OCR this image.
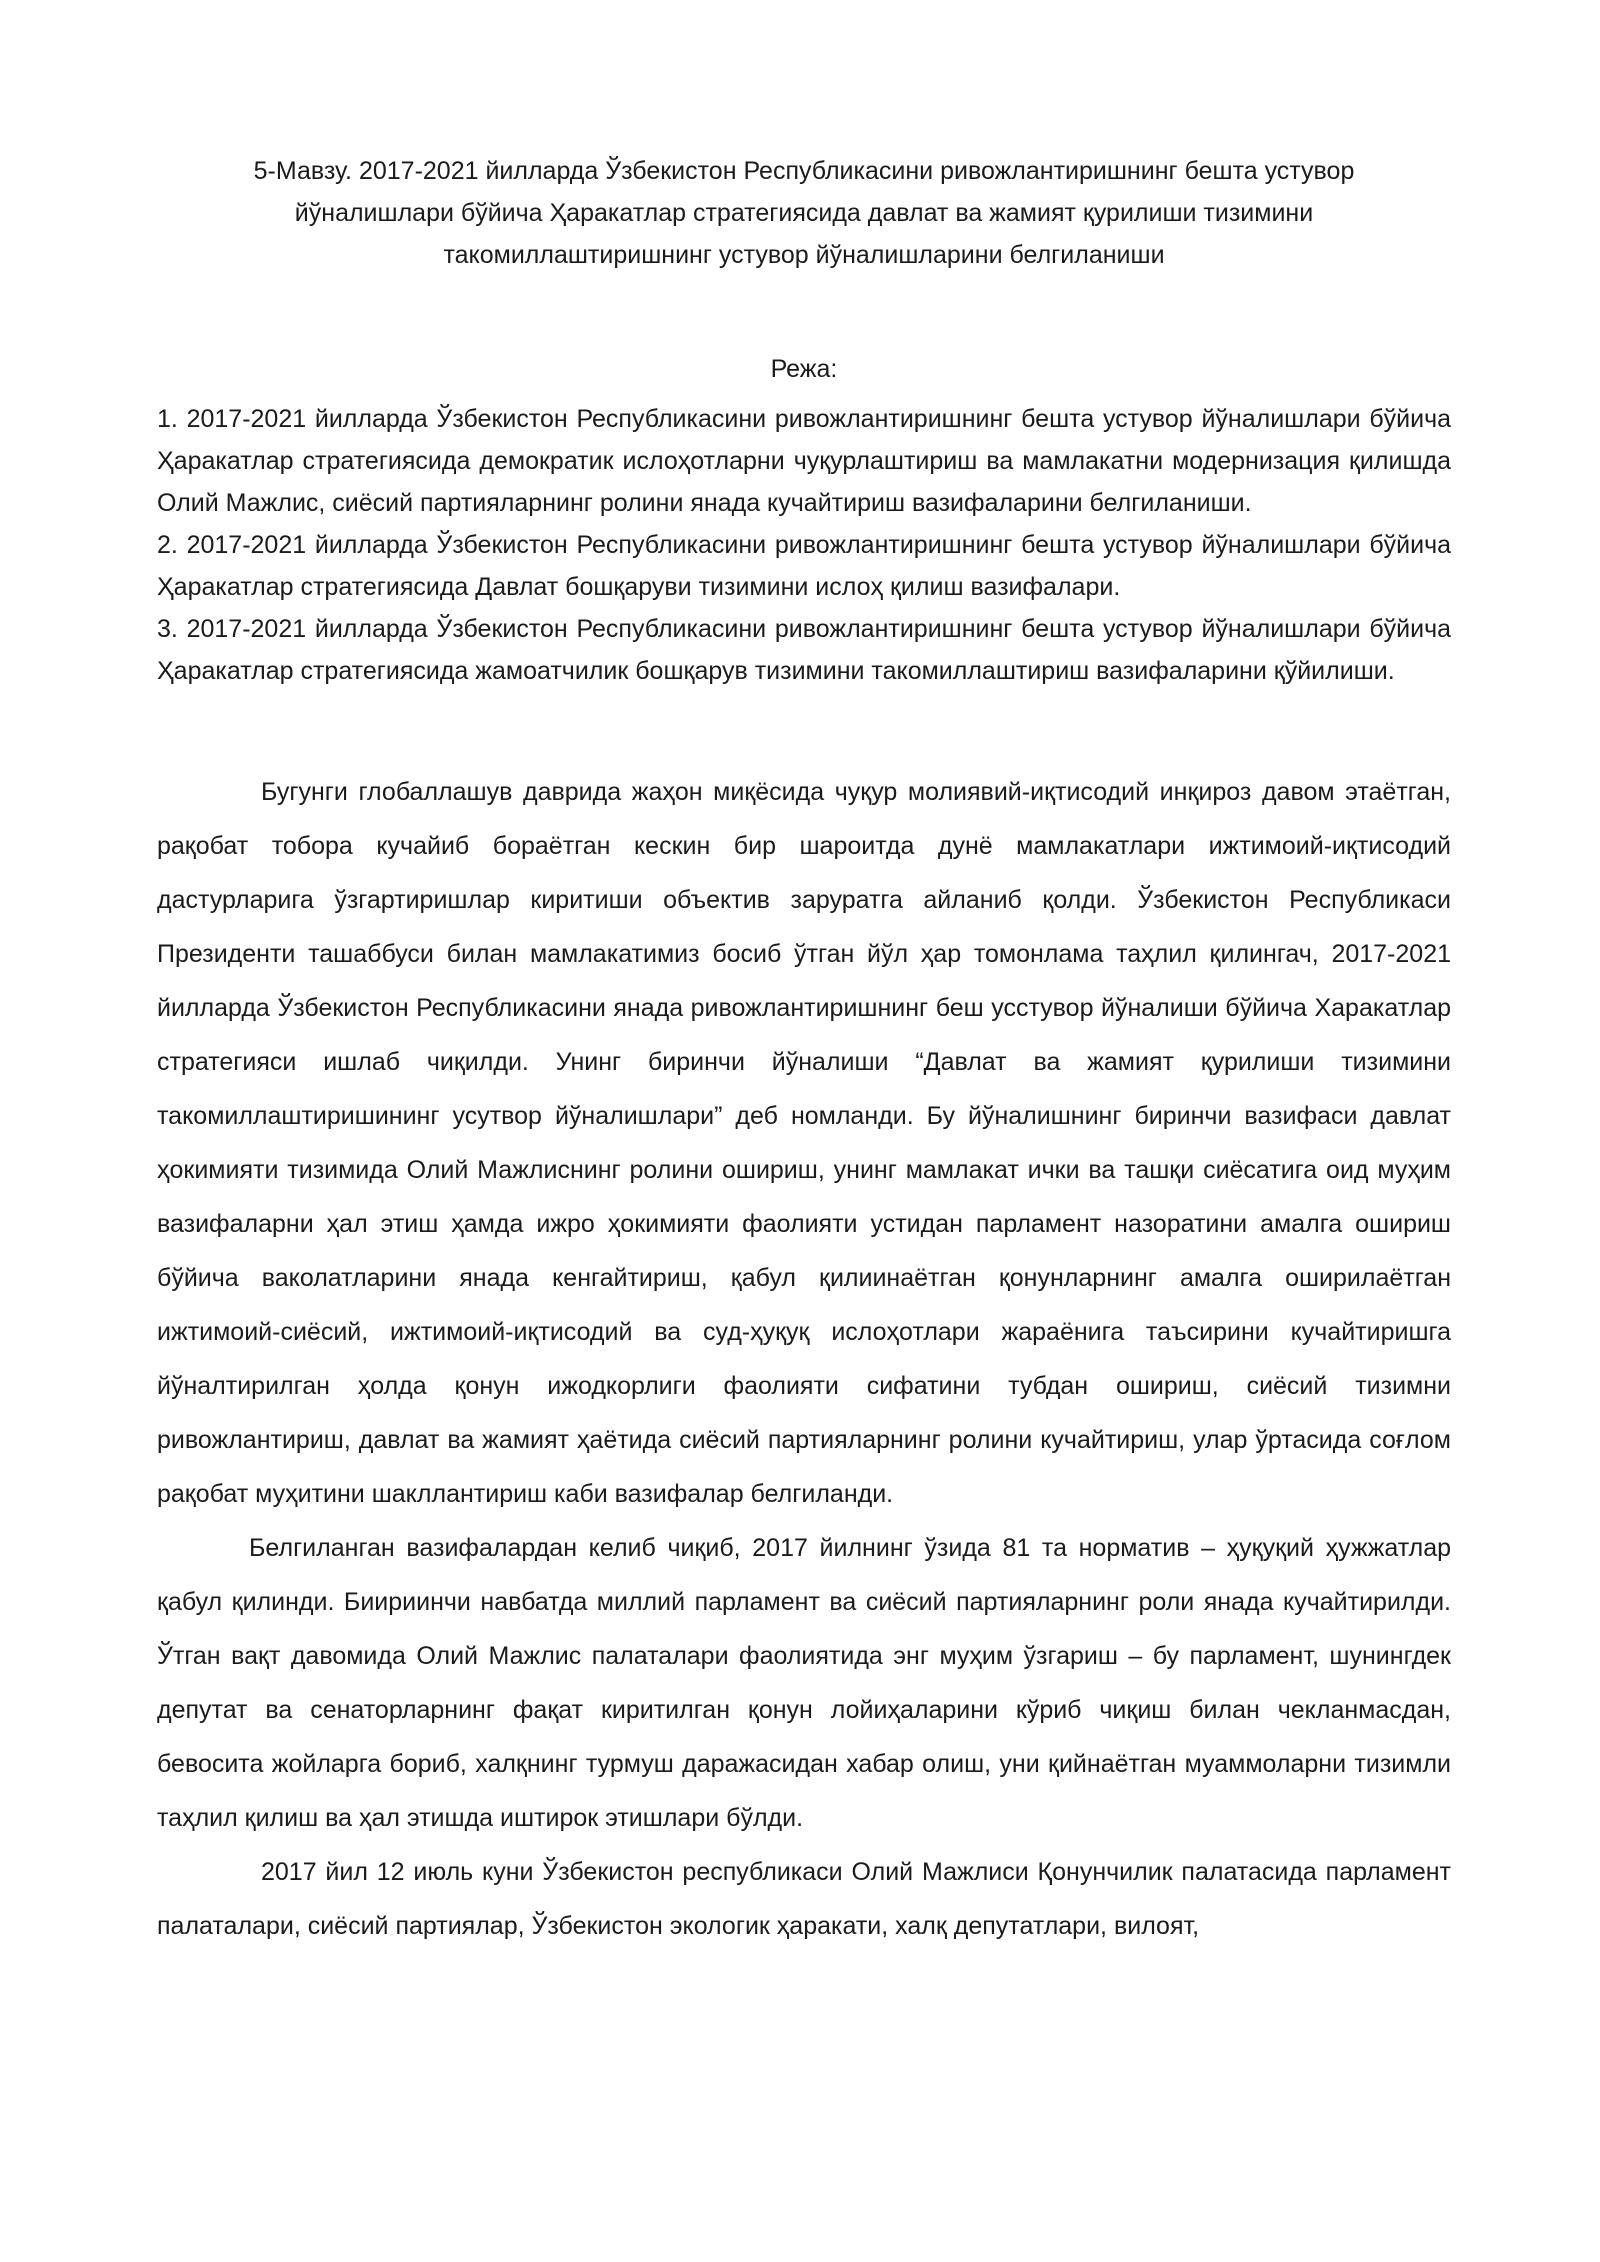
5-Мавзу. 2017-2021 йилларда Ўзбекистон Республикасини ривожлантиришнинг бешта устувор йўналишлари бўйича Ҳаракатлар стратегиясида давлат ва жамият қурилиши тизимини такомиллаштиришнинг устувор йўналишларини белгиланиши
Режа:
1. 2017-2021 йилларда Ўзбекистон Республикасини ривожлантиришнинг бешта устувор йўналишлари бўйича Ҳаракатлар стратегиясида демократик ислоҳотларни чуқурлаштириш ва мамлакатни модернизация қилишда Олий Мажлис, сиёсий партияларнинг ролини янада кучайтириш вазифаларини белгиланиши.
2. 2017-2021 йилларда Ўзбекистон Республикасини ривожлантиришнинг бешта устувор йўналишлари бўйича Ҳаракатлар стратегиясида Давлат бошқаруви тизимини ислоҳ қилиш вазифалари.
3. 2017-2021 йилларда Ўзбекистон Республикасини ривожлантиришнинг бешта устувор йўналишлари бўйича Ҳаракатлар стратегиясида жамоатчилик бошқарув тизимини такомиллаштириш вазифаларини қўйилиши.

Бугунги глобаллашув даврида жаҳон миқёсида чуқур молиявий-иқтисодий инқироз давом этаётган, рақобат тобора кучайиб бораётган кескин бир шароитда дунё мамлакатлари ижтимоий-иқтисодий дастурларига ўзгартиришлар киритиши объектив заруратга айланиб қолди. Ўзбекистон Республикаси Президенти ташаббуси билан мамлакатимиз босиб ўтган йўл ҳар томонлама таҳлил қилингач, 2017-2021 йилларда Ўзбекистон Республикасини янада ривожлантиришнинг беш усстувор йўналиши бўйича Харакатлар стратегияси ишлаб чиқилди. Унинг биринчи йўналиши “Давлат ва жамият қурилиши тизимини такомиллаштиришининг усутвор йўналишлари” деб номланди. Бу йўналишнинг биринчи вазифаси давлат ҳокимияти тизимида Олий Мажлиснинг ролини ошириш, унинг мамлакат ички ва ташқи сиёсатига оид муҳим вазифаларни ҳал этиш ҳамда ижро ҳокимияти фаолияти устидан парламент назоратини амалга ошириш бўйича ваколатларини янада кенгайтириш, қабул қилиинаётган қонунларнинг амалга оширилаётган ижтимоий-сиёсий, ижтимоий-иқтисодий ва суд-ҳуқуқ ислоҳотлари жараёнига таъсирини кучайтиришга йўналтирилган ҳолда қонун ижодкорлиги фаолияти сифатини тубдан ошириш, сиёсий тизимни ривожлантириш, давлат ва жамият ҳаётида сиёсий партияларнинг ролини кучайтириш, улар ўртасида соғлом рақобат муҳитини шакллантириш каби вазифалар белгиланди.

Белгиланган вазифалардан келиб чиқиб, 2017 йилнинг ўзида 81 та норматив – ҳуқуқий ҳужжатлар қабул қилинди. Биириинчи навбатда миллий парламент ва сиёсий партияларнинг роли янада кучайтирилди. Ўтган вақт давомида Олий Мажлис палаталари фаолиятида энг муҳим ўзгариш – бу парламент, шунингдек депутат ва сенаторларнинг фақат киритилган қонун лойиҳаларини кўриб чиқиш билан чекланмасдан, бевосита жойларга бориб, халқнинг турмуш даражасидан хабар олиш, уни қийнаётган муаммоларни тизимли таҳлил қилиш ва ҳал этишда иштирок этишлари бўлди.

2017 йил 12 июль куни Ўзбекистон республикаси Олий Мажлиси Қонунчилик палатасида парламент палаталари, сиёсий партиялар, Ўзбекистон экологик ҳаракати, халқ депутатлари, вилоят,
